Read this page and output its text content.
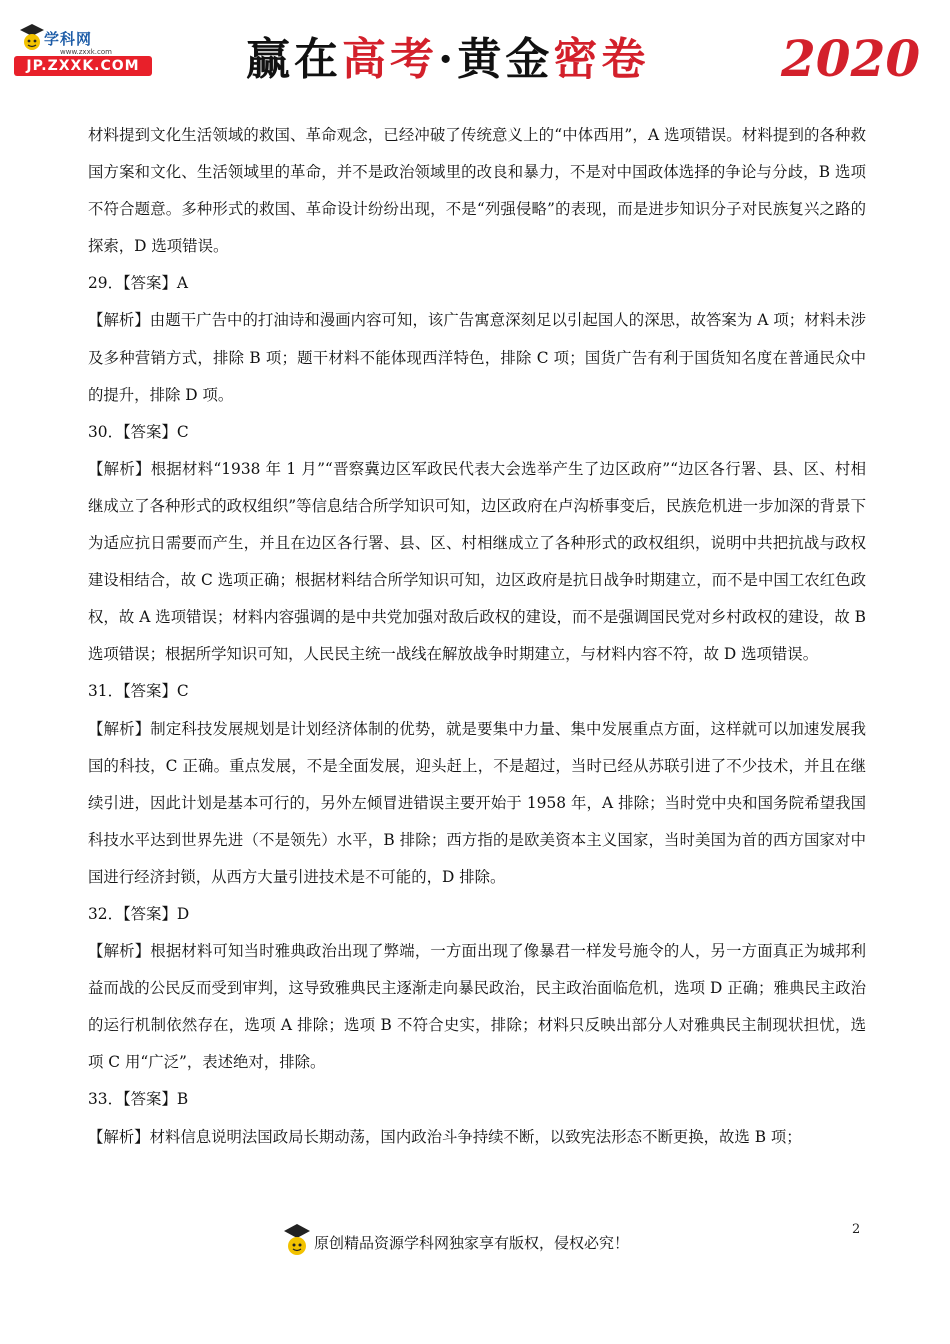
学科网
www.zxxk.com
JP.ZXXK.COM 赢在高考·黄金密卷	2020

材料提到文化生活领域的救国、革命观念，已经冲破了传统意义上的“中体西用”，A 选项错误。材料提到的各种救国方案和文化、生活领域里的革命，并不是政治领域里的改良和暴力，不是对中国政体选择的争论与分歧，B 选项不符合题意。多种形式的救国、革命设计纷纷出现，不是“列强侵略”的表现，而是进步知识分子对民族复兴之路的探索，D 选项错误。

29．【答案】A

【解析】由题干广告中的打油诗和漫画内容可知，该广告寓意深刻足以引起国人的深思，故答案为 A 项；材料未涉及多种营销方式，排除 B 项；题干材料不能体现西洋特色，排除 C 项；国货广告有利于国货知名度在普通民众中的提升，排除 D 项。

30．【答案】C

【解析】根据材料“1938 年 1 月”“晋察冀边区军政民代表大会选举产生了边区政府”“边区各行署、县、区、村相继成立了各种形式的政权组织”等信息结合所学知识可知，边区政府在卢沟桥事变后，民族危机进一步加深的背景下为适应抗日需要而产生，并且在边区各行署、县、区、村相继成立了各种形式的政权组织，说明中共把抗战与政权建设相结合，故 C 选项正确；根据材料结合所学知识可知，边区政府是抗日战争时期建立，而不是中国工农红色政权，故 A 选项错误；材料内容强调的是中共党加强对敌后政权的建设，而不是强调国民党对乡村政权的建设，故 B 选项错误；根据所学知识可知，人民民主统一战线在解放战争时期建立，与材料内容不符，故 D 选项错误。

31．【答案】C

【解析】制定科技发展规划是计划经济体制的优势，就是要集中力量、集中发展重点方面，这样就可以加速发展我国的科技，C 正确。重点发展，不是全面发展，迎头赶上，不是超过，当时已经从苏联引进了不少技术，并且在继续引进，因此计划是基本可行的，另外左倾冒进错误主要开始于 1958 年，A 排除；当时党中央和国务院希望我国科技水平达到世界先进（不是领先）水平，B 排除；西方指的是欧美资本主义国家，当时美国为首的西方国家对中国进行经济封锁，从西方大量引进技术是不可能的，D 排除。

32．【答案】D

【解析】根据材料可知当时雅典政治出现了弊端，一方面出现了像暴君一样发号施令的人，另一方面真正为城邦利益而战的公民反而受到审判，这导致雅典民主逐渐走向暴民政治，民主政治面临危机，选项 D 正确；雅典民主政治的运行机制依然存在，选项 A 排除；选项 B 不符合史实，排除；材料只反映出部分人对雅典民主制现状担忧，选项 C 用“广泛”，表述绝对，排除。

33．【答案】B

【解析】材料信息说明法国政局长期动荡，国内政治斗争持续不断，以致宪法形态不断更换，故选 B 项；

2
原创精品资源学科网独家享有版权，侵权必究！
